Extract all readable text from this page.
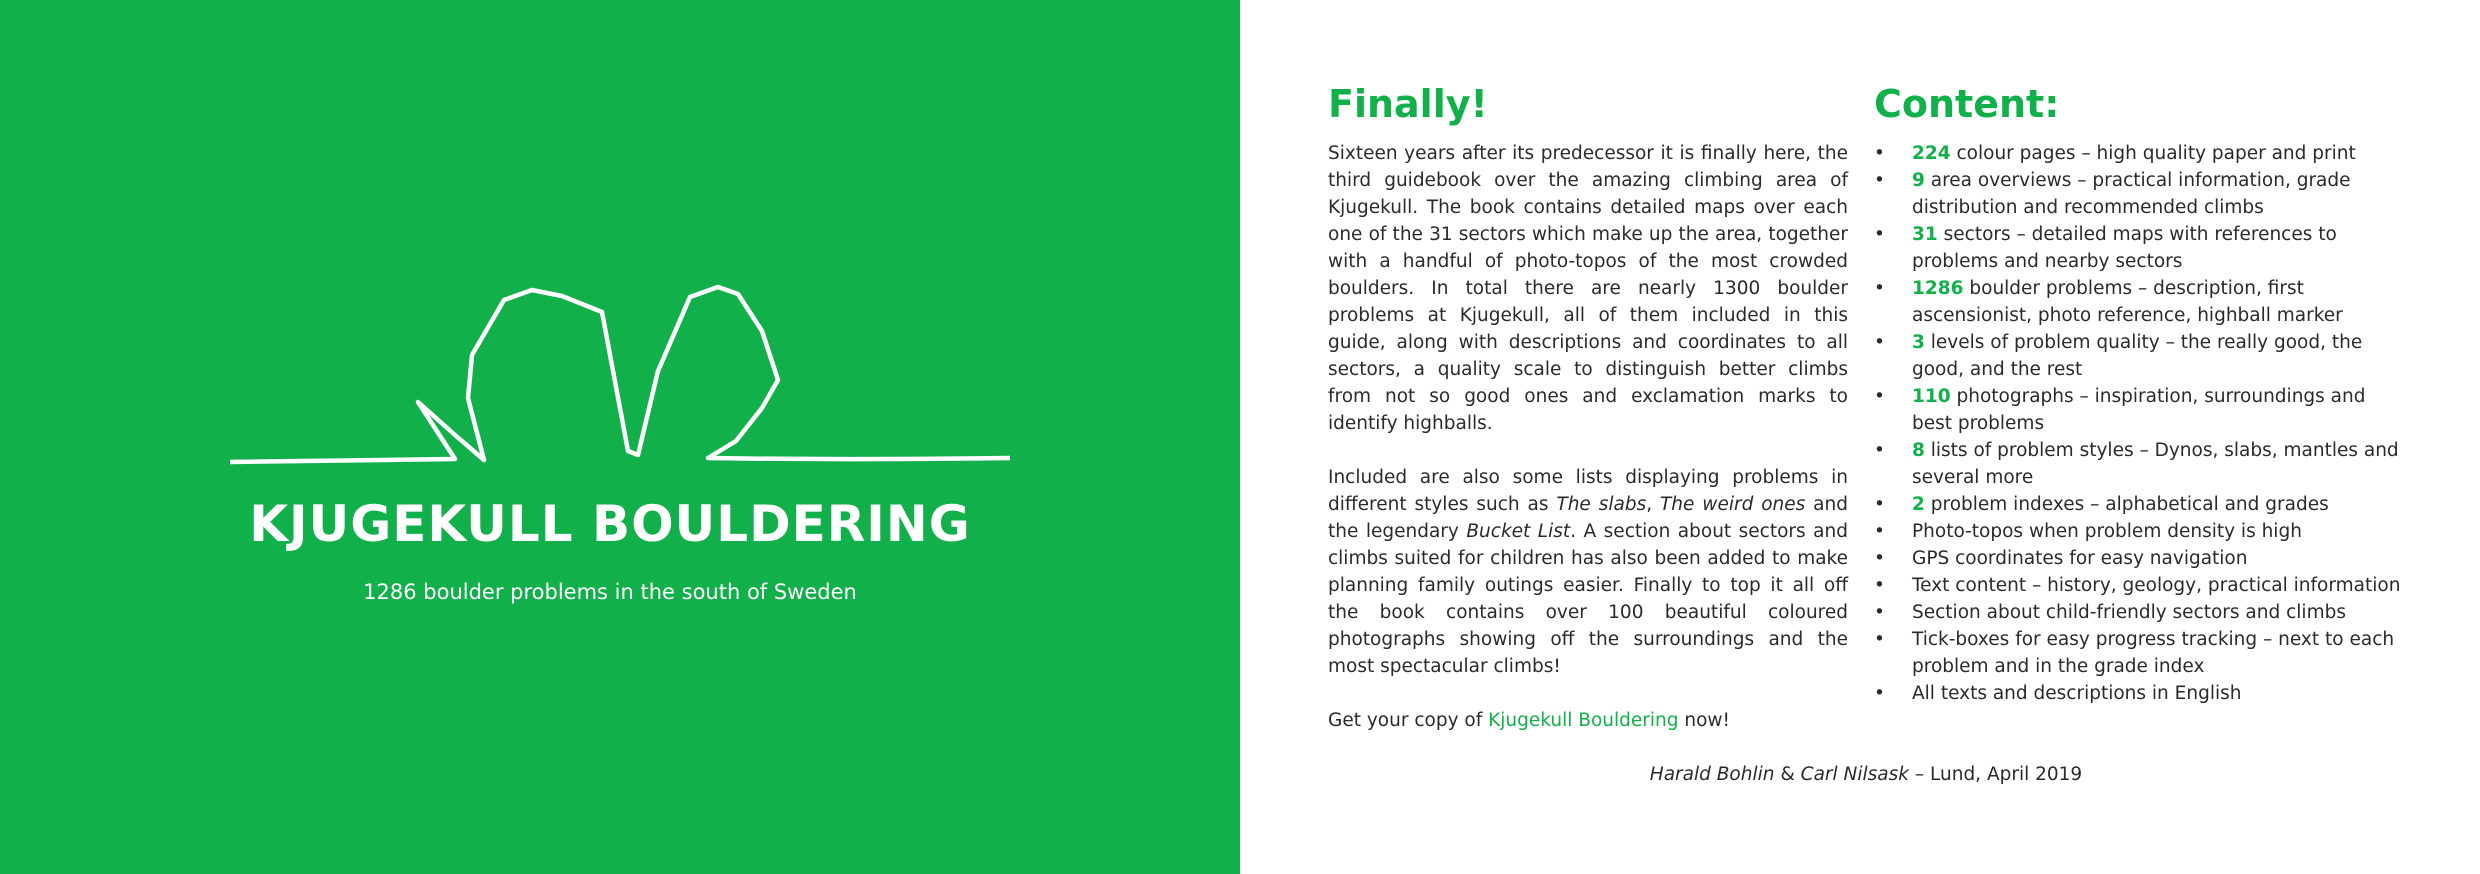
KJUGEKULL BOULDERING
1286 boulder problems in the south of Sweden
Finally!	Content:

Sixteen years after its predecessor it is finally here, the third guidebook over the amazing climbing area of Kjugekull. The book contains detailed maps over each one of the 31 sectors which make up the area, together with a handful of photo-topos of the most crowded boulders. In total there are nearly 1300 boulder problems at Kjugekull, all of them included in this guide, along with descriptions and coordinates to all sectors, a quality scale to distinguish better climbs from not so good ones and exclamation marks to identify highballs.

Included are also some lists displaying problems in different styles such as The slabs, The weird ones and the legendary Bucket List. A section about sectors and climbs suited for children has also been added to make planning family outings easier. Finally to top it all off the book contains over 100 beautiful coloured photographs showing off the surroundings and the most spectacular climbs!

Get your copy of Kjugekull Bouldering now!

• 224 colour pages – high quality paper and print
• 9 area overviews – practical information, grade distribution and recommended climbs
• 31 sectors – detailed maps with references to problems and nearby sectors
• 1286 boulder problems – description, first ascensionist, photo reference, highball marker
• 3 levels of problem quality – the really good, the good, and the rest
• 110 photographs – inspiration, surroundings and best problems
• 8 lists of problem styles – Dynos, slabs, mantles and several more
• 2 problem indexes – alphabetical and grades
• Photo-topos when problem density is high
• GPS coordinates for easy navigation
• Text content – history, geology, practical information
• Section about child-friendly sectors and climbs
• Tick-boxes for easy progress tracking – next to each problem and in the grade index
• All texts and descriptions in English
Harald Bohlin & Carl Nilsask – Lund, April 2019
